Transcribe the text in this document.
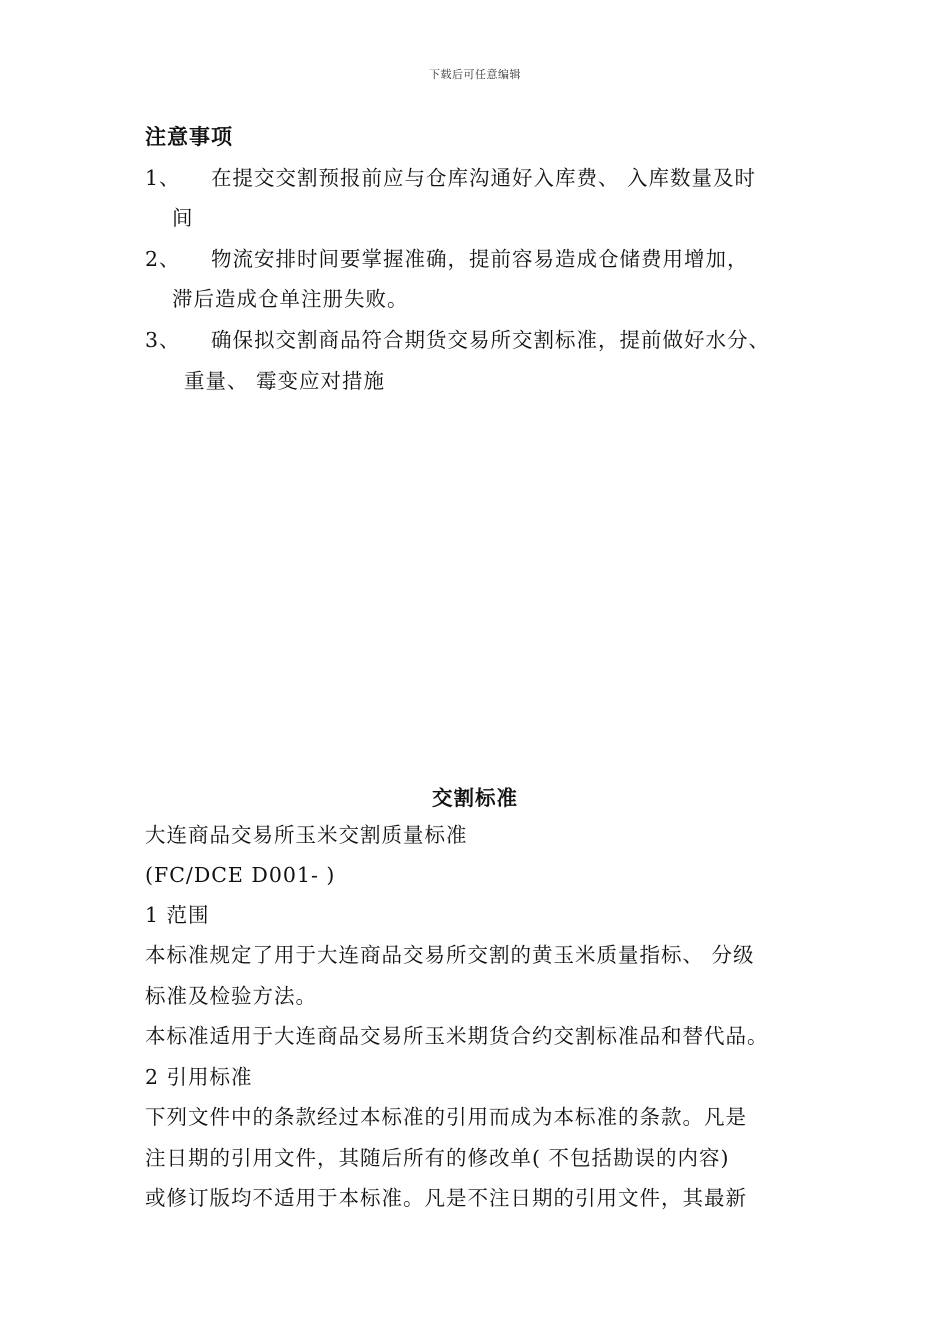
下载后可任意编辑
注意事项
1、 在提交交割预报前应与仓库沟通好入库费、 入库数量及时
间
2、 物流安排时间要掌握准确，提前容易造成仓储费用增加，
滞后造成仓单注册失败。
3、 确保拟交割商品符合期货交易所交割标准，提前做好水分、
重量、 霉变应对措施
交割标准
大连商品交易所玉米交割质量标准
(FC/DCE D001- )
1 范围
本标准规定了用于大连商品交易所交割的黄玉米质量指标、 分级
标准及检验方法。
本标准适用于大连商品交易所玉米期货合约交割标准品和替代品。
2 引用标准
下列文件中的条款经过本标准的引用而成为本标准的条款。凡是
注日期的引用文件，其随后所有的修改单( 不包括勘误的内容)
或修订版均不适用于本标准。凡是不注日期的引用文件，其最新
